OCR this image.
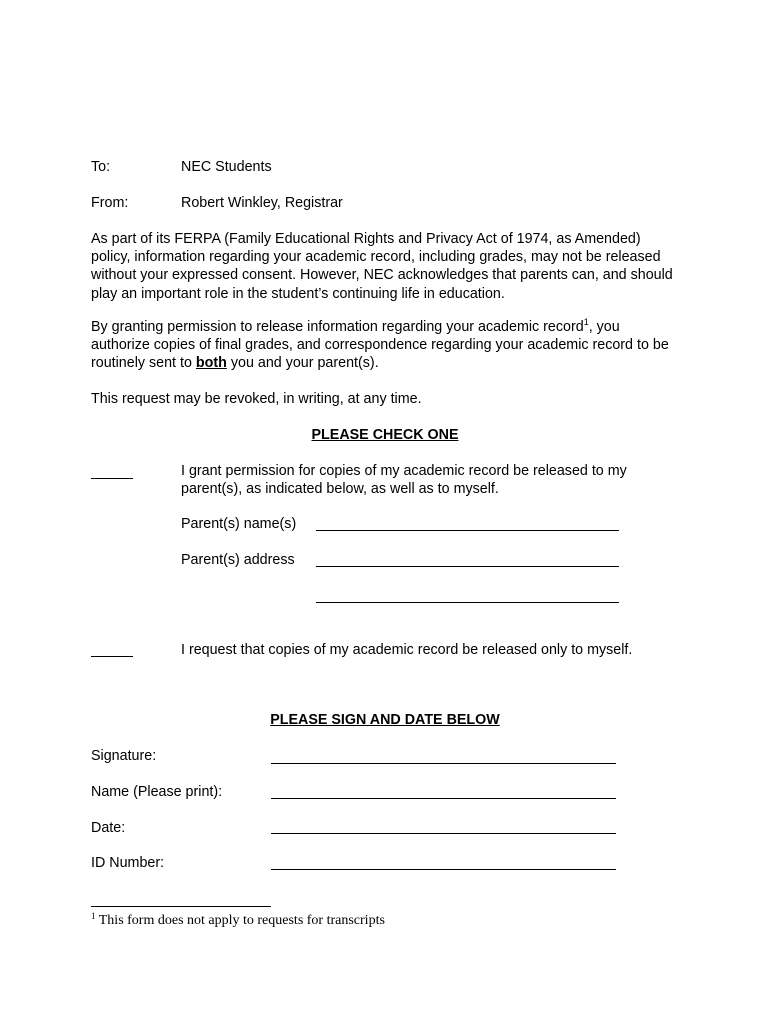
To:	NEC Students
From:	Robert Winkley, Registrar
As part of its FERPA (Family Educational Rights and Privacy Act of 1974, as Amended) policy, information regarding your academic record, including grades, may not be released without your expressed consent. However, NEC acknowledges that parents can, and should play an important role in the student’s continuing life in education.
By granting permission to release information regarding your academic record$^1$, you authorize copies of final grades, and correspondence regarding your academic record to be routinely sent to both you and your parent(s).
This request may be revoked, in writing, at any time.
PLEASE CHECK ONE
I grant permission for copies of my academic record be released to my parent(s), as indicated below, as well as to myself.
Parent(s) name(s)
Parent(s) address
I request that copies of my academic record be released only to myself.
PLEASE SIGN AND DATE BELOW
Signature:
Name (Please print):
Date:
ID Number:
$^1$ This form does not apply to requests for transcripts
